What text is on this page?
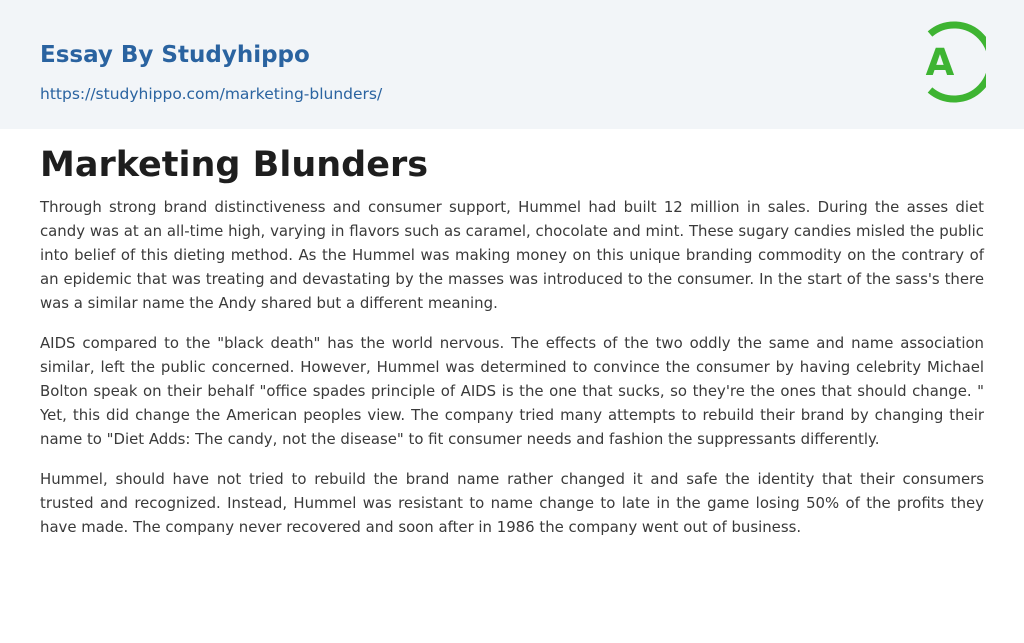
Essay By Studyhippo
https://studyhippo.com/marketing-blunders/
A
Marketing Blunders

Through strong brand distinctiveness and consumer support, Hummel had built 12 million in sales. During the asses diet candy was at an all-time high, varying in flavors such as caramel, chocolate and mint. These sugary candies misled the public into belief of this dieting method. As the Hummel was making money on this unique branding commodity on the contrary of an epidemic that was treating and devastating by the masses was introduced to the consumer. In the start of the sass's there was a similar name the Andy shared but a different meaning.

AIDS compared to the "black death" has the world nervous. The effects of the two oddly the same and name association similar, left the public concerned. However, Hummel was determined to convince the consumer by having celebrity Michael Bolton speak on their behalf "office spades principle of AIDS is the one that sucks, so they're the ones that should change. " Yet, this did change the American peoples view. The company tried many attempts to rebuild their brand by changing their name to "Diet Adds: The candy, not the disease" to fit consumer needs and fashion the suppressants differently.

Hummel, should have not tried to rebuild the brand name rather changed it and safe the identity that their consumers trusted and recognized. Instead, Hummel was resistant to name change to late in the game losing 50% of the profits they have made. The company never recovered and soon after in 1986 the company went out of business.
